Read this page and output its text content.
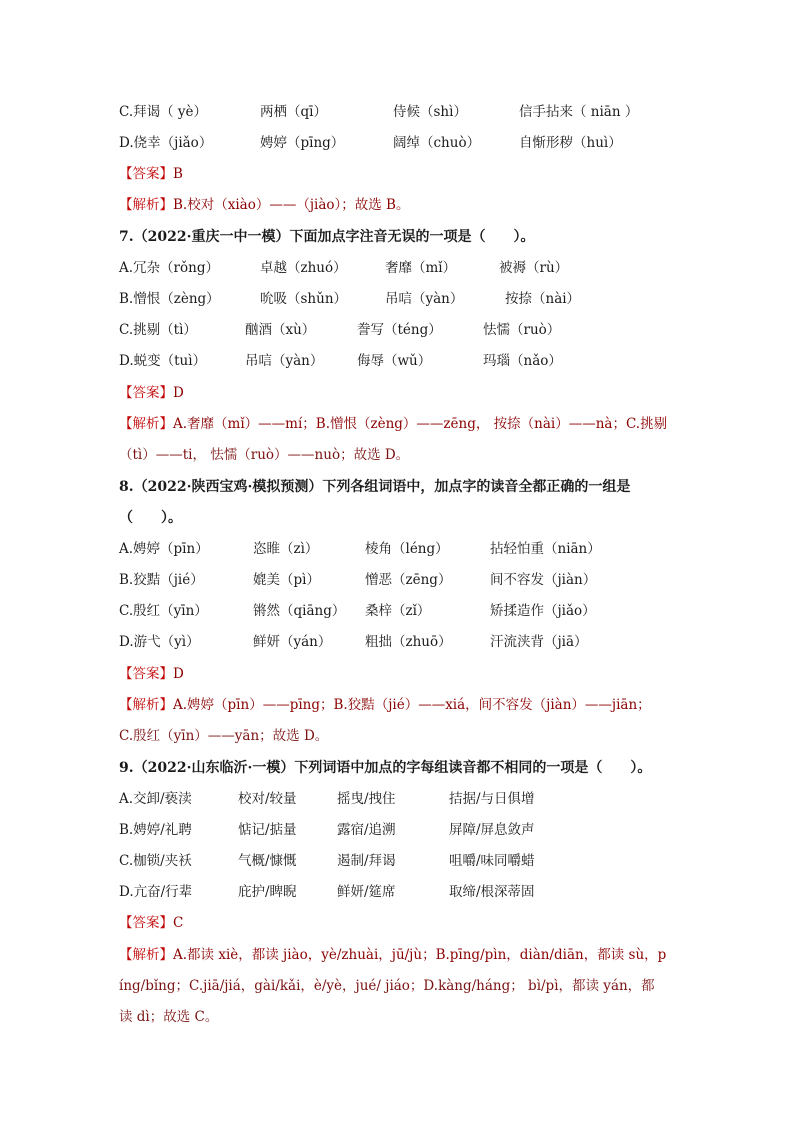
C.拜谒（ yè）	两栖（qī）	侍候（shì）	信手拈来（ niān ）
D.侥幸（jiǎo）	娉婷（pīng）	阔绰（chuò）	自惭形秽（huì）
【答案】B
【解析】B.校对（xiào）——（jiào）；故选 B。
7.（2022·重庆一中一模）下面加点字注音无误的一项是（　　）。
A.冗杂（rǒng）	卓越（zhuó）	奢靡（mǐ）	被褥（rù）
B.憎恨（zèng）	吮吸（shǔn）	吊唁（yàn）	按捺（nài）
C.挑剔（tì）	酗酒（xù）	誊写（téng）	怯懦（ruò）
D.蜕变（tuì）	吊唁（yàn） 侮辱（wǔ）	玛瑙（nǎo）
【答案】D
【解析】A.奢靡（mǐ）——mí；B.憎恨（zèng）——zēng， 按捺（nài）——nà；C.挑剔
（tì）——ti， 怯懦（ruò）——nuò；故选 D。
8.（2022·陕西宝鸡·模拟预测）下列各组词语中，加点字的读音全都正确的一组是
（　　）。
A.娉婷（pīn）	恣睢（zì）	棱角（léng）	拈轻怕重（niān）
B.狡黠（jié）	媲美（pì）	憎恶（zēng）	间不容发（jiàn）
C.殷红（yīn）	锵然（qiāng） 桑梓（zǐ）	矫揉造作（jiǎo）
D.游弋（yì）	鲜妍（yán） 粗拙（zhuō）	汗流浃背（jiā）
【答案】D
【解析】A.娉婷（pīn）——pīng；B.狡黠（jié）——xiá，间不容发（jiàn）——jiān；
C.殷红（yīn）——yān；故选 D。
9.（2022·山东临沂·一模）下列词语中加点的字每组读音都不相同的一项是（　　）。
A.交卸/亵渎	校对/较量	摇曳/拽住	拮据/与日俱增
B.娉婷/礼聘	惦记/掂量	露宿/追溯	屏障/屏息敛声
C.枷锁/夹袄	气概/慷慨	遏制/拜谒	咀嚼/味同嚼蜡
D.亢奋/行辈	庇护/睥睨	鲜妍/筵席	取缔/根深蒂固
【答案】C
【解析】A.都读 xiè，都读 jiào，yè/zhuài，jū/jù；B.pīng/pìn，diàn/diān，都读 sù，p
íng/bǐng；C.jiā/jiá，gài/kǎi，è/yè，jué/ jiáo；D.kàng/háng； bì/pì，都读 yán，都
读 dì；故选 C。
